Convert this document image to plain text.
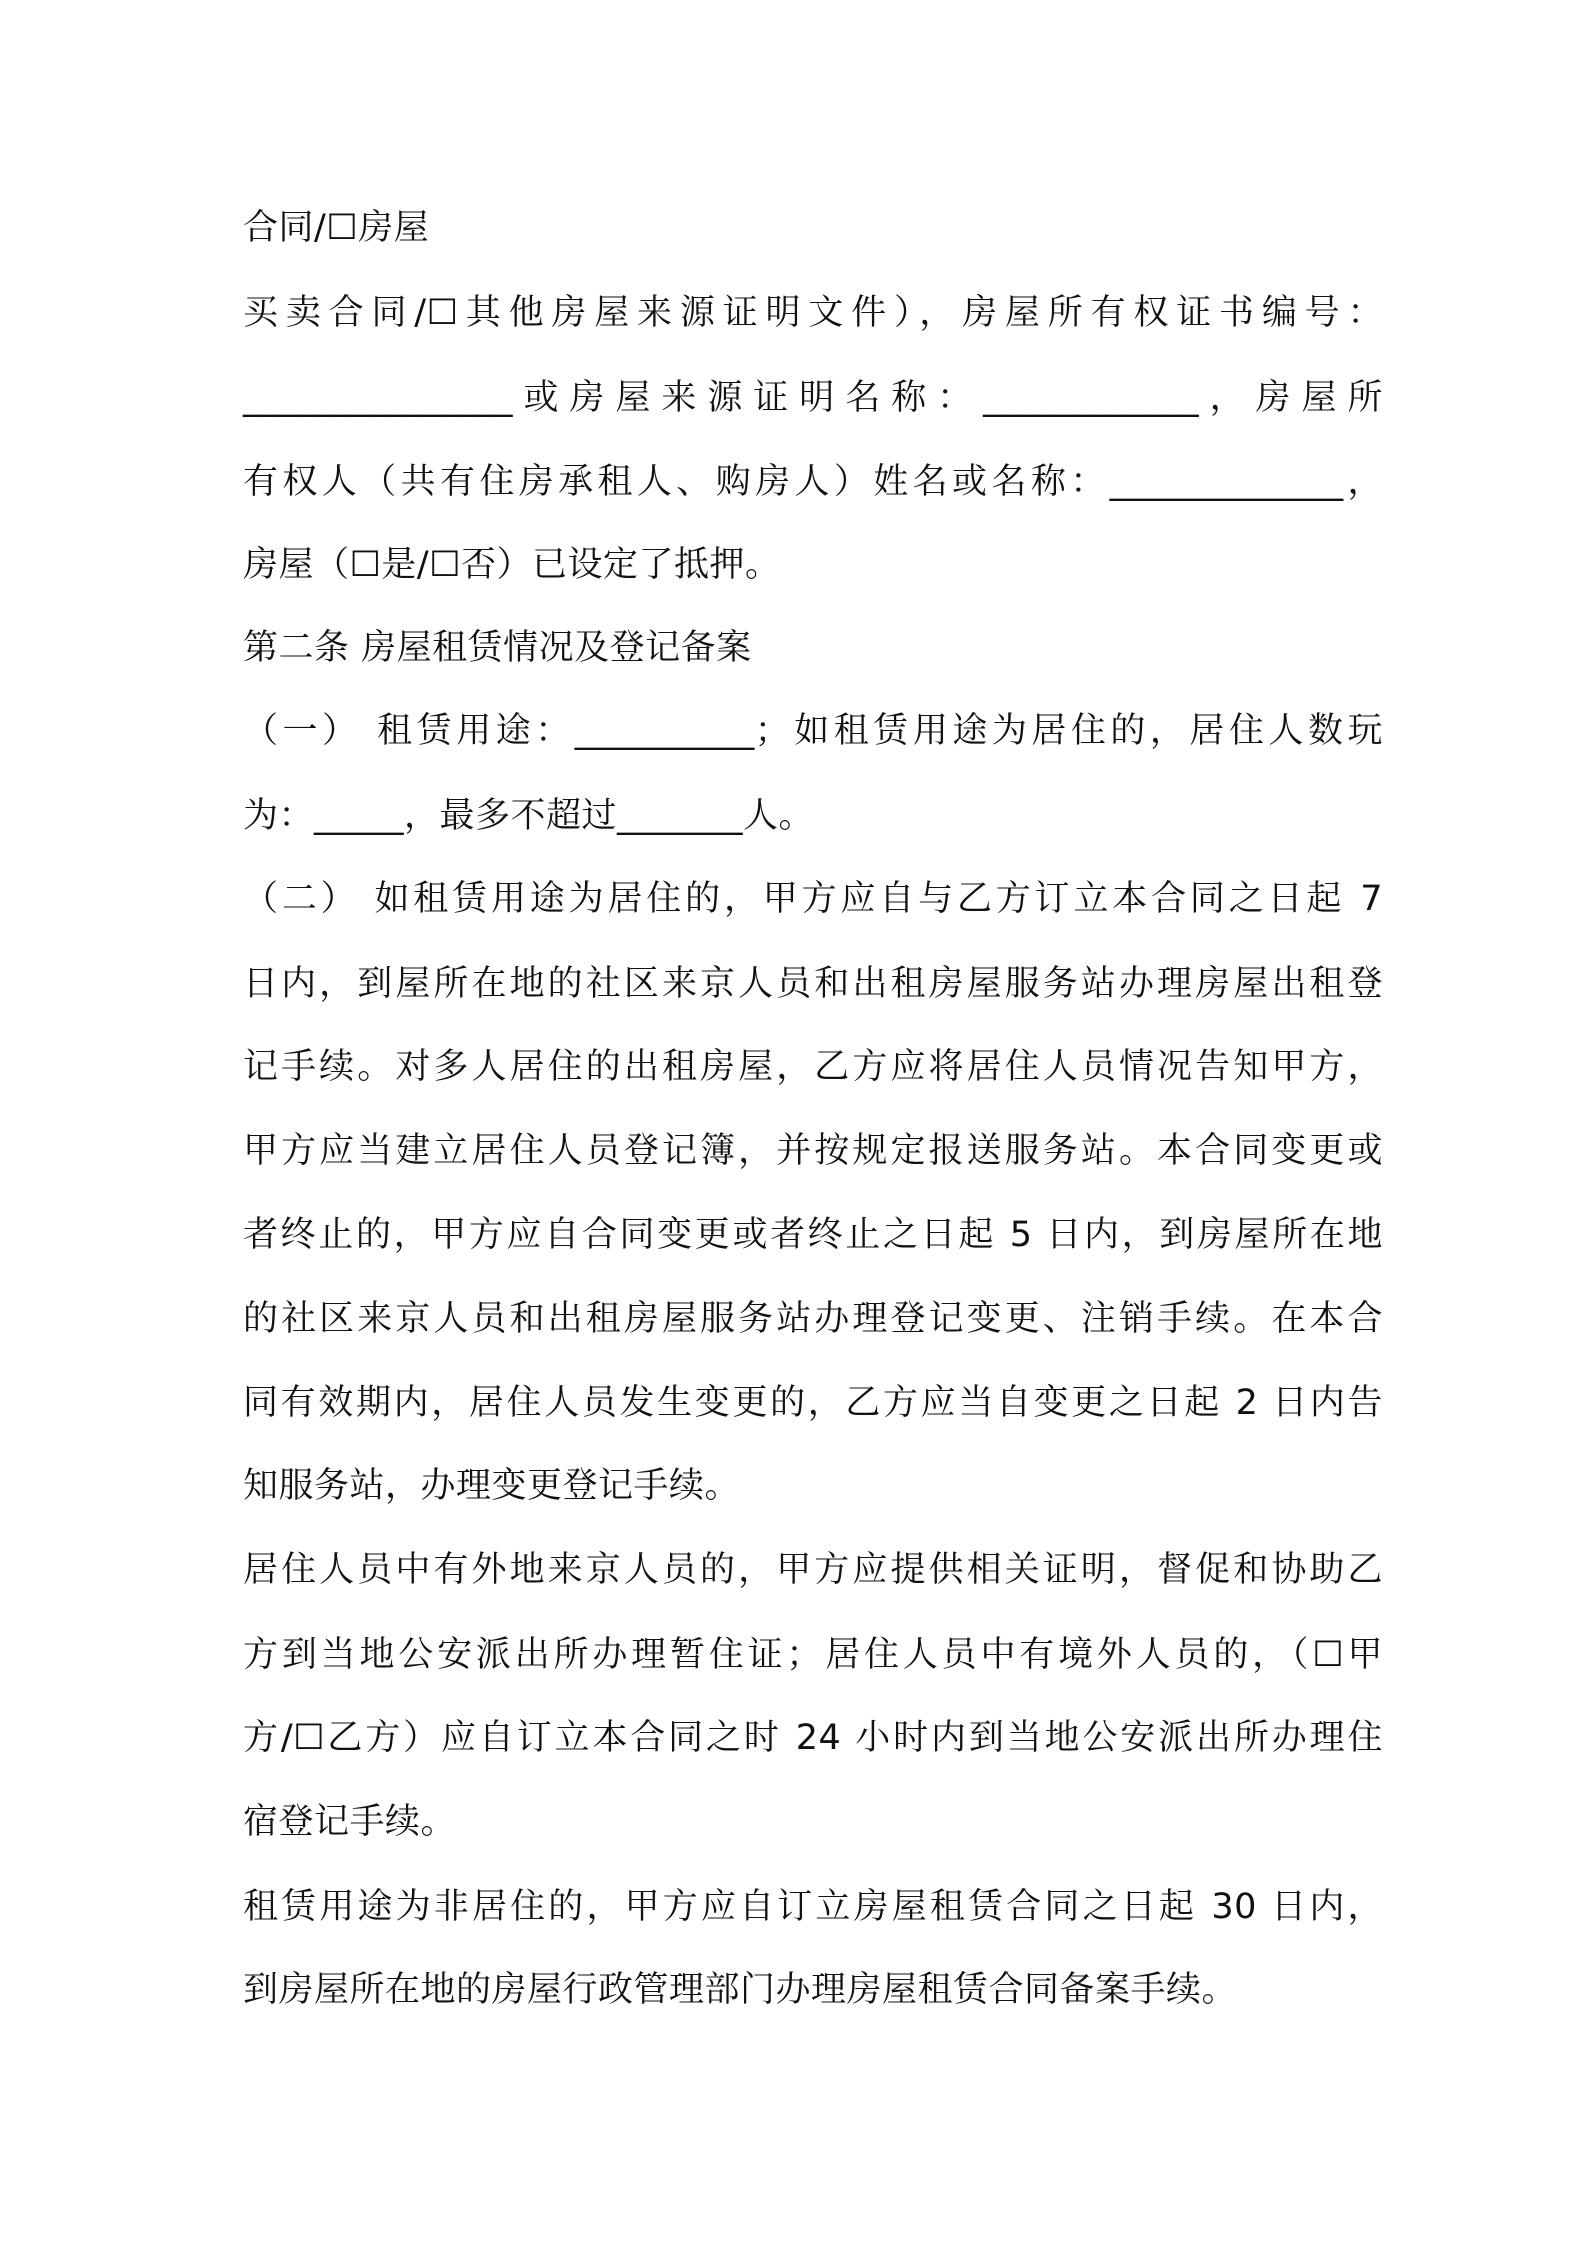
合同/☐房屋
买卖合同/☐其他房屋来源证明文件），房屋所有权证书编号：
_______________或房屋来源证明名称：____________，房屋所
有权人（共有住房承租人、购房人）姓名或名称：_____________，
房屋（☐是/☐否）已设定了抵押。
第二条 房屋租赁情况及登记备案
（一） 租赁用途：__________；如租赁用途为居住的，居住人数玩
为：_____，最多不超过_______人。
（二） 如租赁用途为居住的，甲方应自与乙方订立本合同之日起 7
日内，到屋所在地的社区来京人员和出租房屋服务站办理房屋出租登
记手续。对多人居住的出租房屋，乙方应将居住人员情况告知甲方，
甲方应当建立居住人员登记簿，并按规定报送服务站。本合同变更或
者终止的，甲方应自合同变更或者终止之日起 5 日内，到房屋所在地
的社区来京人员和出租房屋服务站办理登记变更、注销手续。在本合
同有效期内，居住人员发生变更的，乙方应当自变更之日起 2 日内告
知服务站，办理变更登记手续。
居住人员中有外地来京人员的，甲方应提供相关证明，督促和协助乙
方到当地公安派出所办理暂住证；居住人员中有境外人员的，（☐甲
方/☐乙方）应自订立本合同之时 24 小时内到当地公安派出所办理住
宿登记手续。
租赁用途为非居住的，甲方应自订立房屋租赁合同之日起 30 日内，
到房屋所在地的房屋行政管理部门办理房屋租赁合同备案手续。
